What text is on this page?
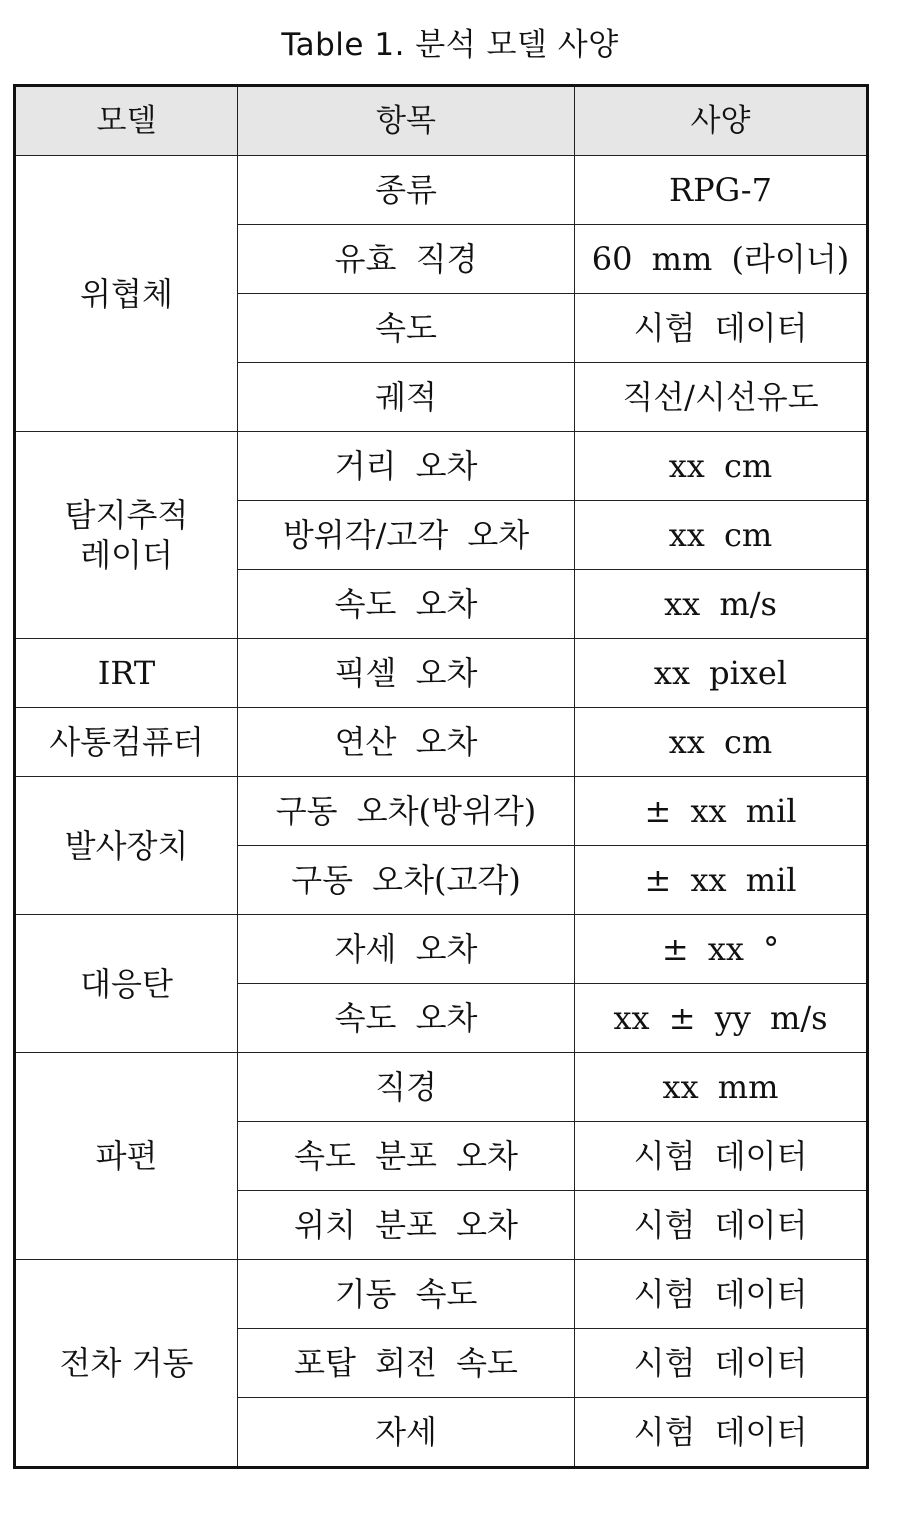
Table 1. 분석 모델 사양
모델	항목	사양

위협체	종류	RPG-7
	유효 직경	60 mm (라이너)
	속도	시험 데이터
	궤적	직선/시선유도

탐지추적
레이더	거리 오차	xx cm
	방위각/고각 오차	xx cm
	속도 오차	xx m/s

IRT	픽셀 오차	xx pixel

사통컴퓨터	연산 오차	xx cm

발사장치	구동 오차(방위각)	± xx mil
	구동 오차(고각)	± xx mil

대응탄	자세 오차	± xx °
	속도 오차	xx ± yy m/s

파편	직경	xx mm
	속도 분포 오차	시험 데이터
	위치 분포 오차	시험 데이터

전차 거동	기동 속도	시험 데이터
	포탑 회전 속도	시험 데이터
	자세	시험 데이터
